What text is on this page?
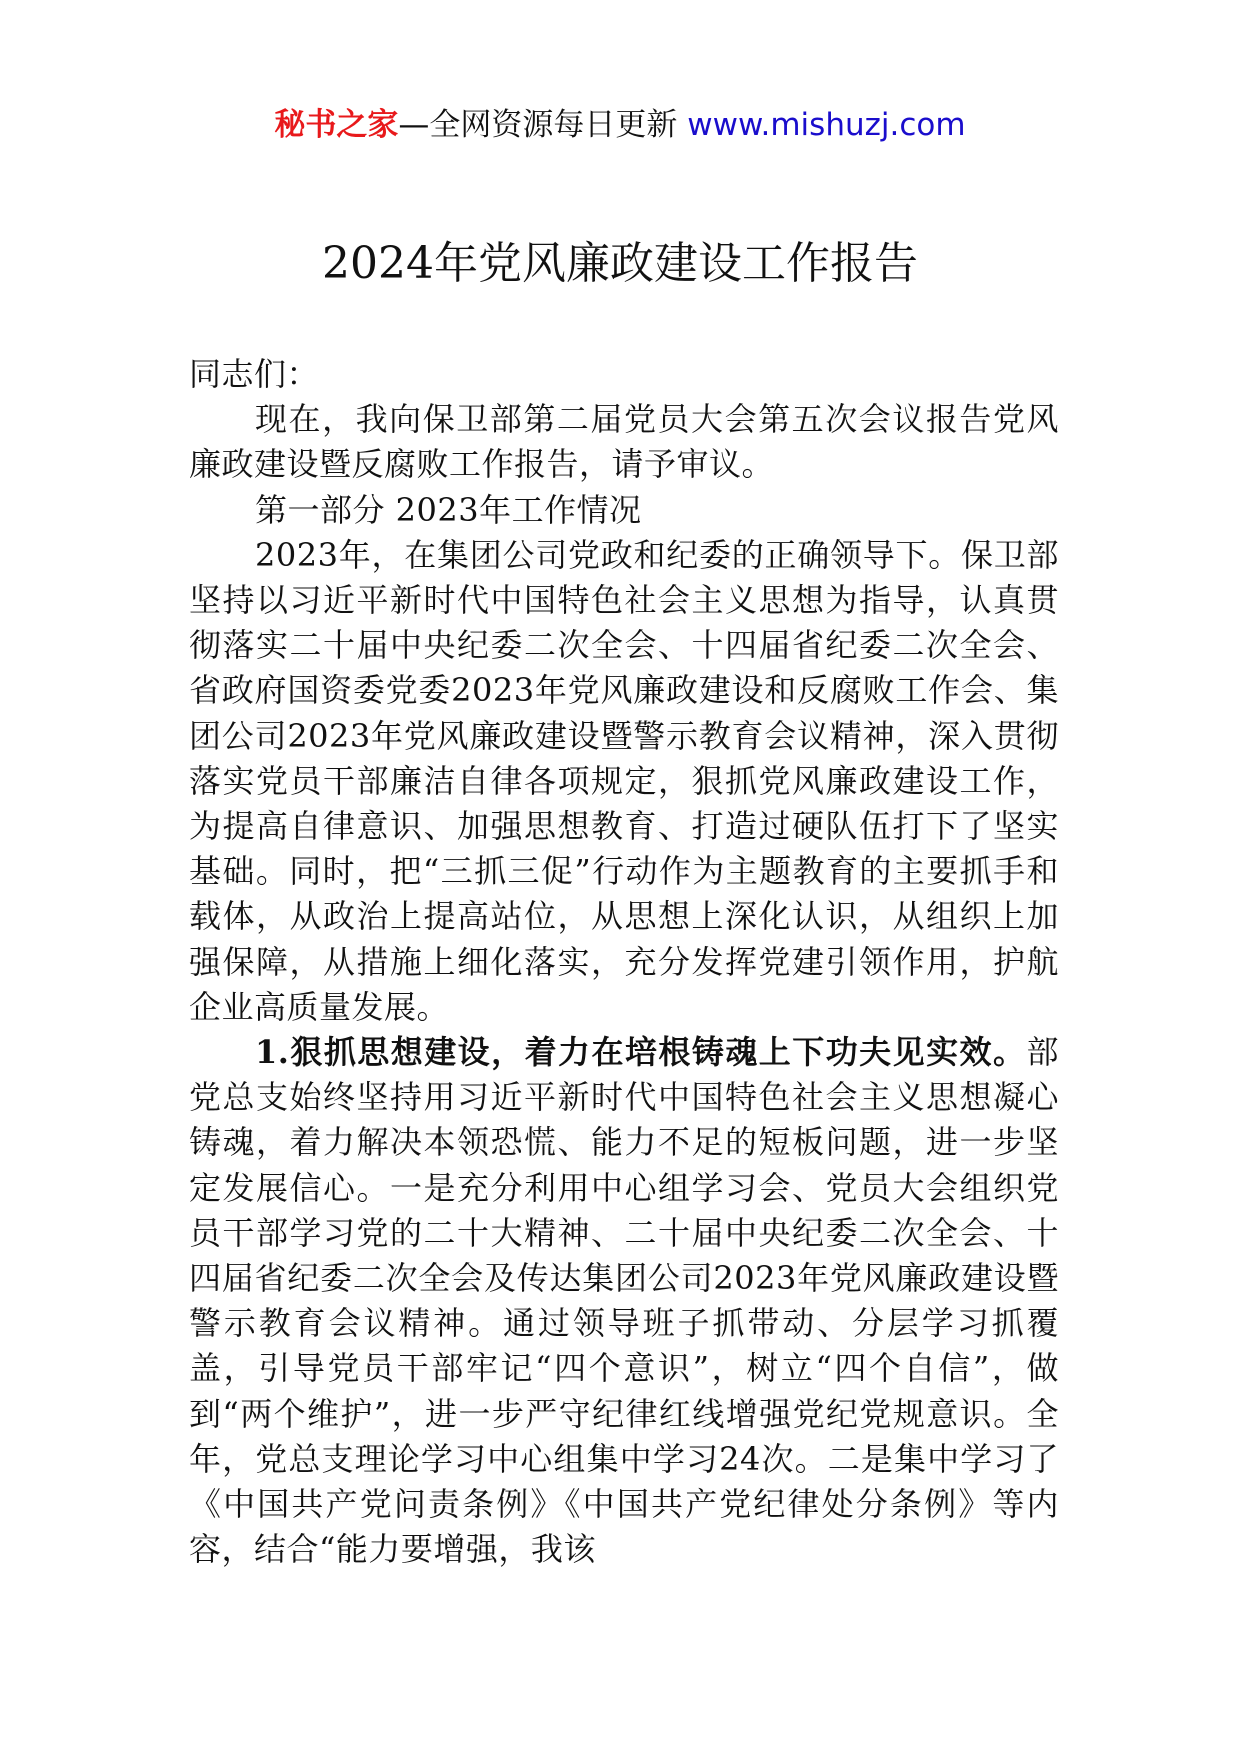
秘书之家—全网资源每日更新 www.mishuzj.com
2024年党风廉政建设工作报告

同志们：

现在，我向保卫部第二届党员大会第五次会议报告党风廉政建设暨反腐败工作报告，请予审议。

第一部分 2023年工作情况

2023年，在集团公司党政和纪委的正确领导下。保卫部坚持以习近平新时代中国特色社会主义思想为指导，认真贯彻落实二十届中央纪委二次全会、十四届省纪委二次全会、省政府国资委党委2023年党风廉政建设和反腐败工作会、集团公司2023年党风廉政建设暨警示教育会议精神，深入贯彻落实党员干部廉洁自律各项规定，狠抓党风廉政建设工作，为提高自律意识、加强思想教育、打造过硬队伍打下了坚实基础。同时，把“三抓三促”行动作为主题教育的主要抓手和载体，从政治上提高站位，从思想上深化认识，从组织上加强保障，从措施上细化落实，充分发挥党建引领作用，护航企业高质量发展。

1.狠抓思想建设，着力在培根铸魂上下功夫见实效。部党总支始终坚持用习近平新时代中国特色社会主义思想凝心铸魂，着力解决本领恐慌、能力不足的短板问题，进一步坚定发展信心。一是充分利用中心组学习会、党员大会组织党员干部学习党的二十大精神、二十届中央纪委二次全会、十四届省纪委二次全会及传达集团公司2023年党风廉政建设暨警示教育会议精神。通过领导班子抓带动、分层学习抓覆盖，引导党员干部牢记“四个意识”，树立“四个自信”，做到“两个维护”，进一步严守纪律红线增强党纪党规意识。全年，党总支理论学习中心组集中学习24次。二是集中学习了《中国共产党问责条例》《中国共产党纪律处分条例》等内容，结合“能力要增强，我该
